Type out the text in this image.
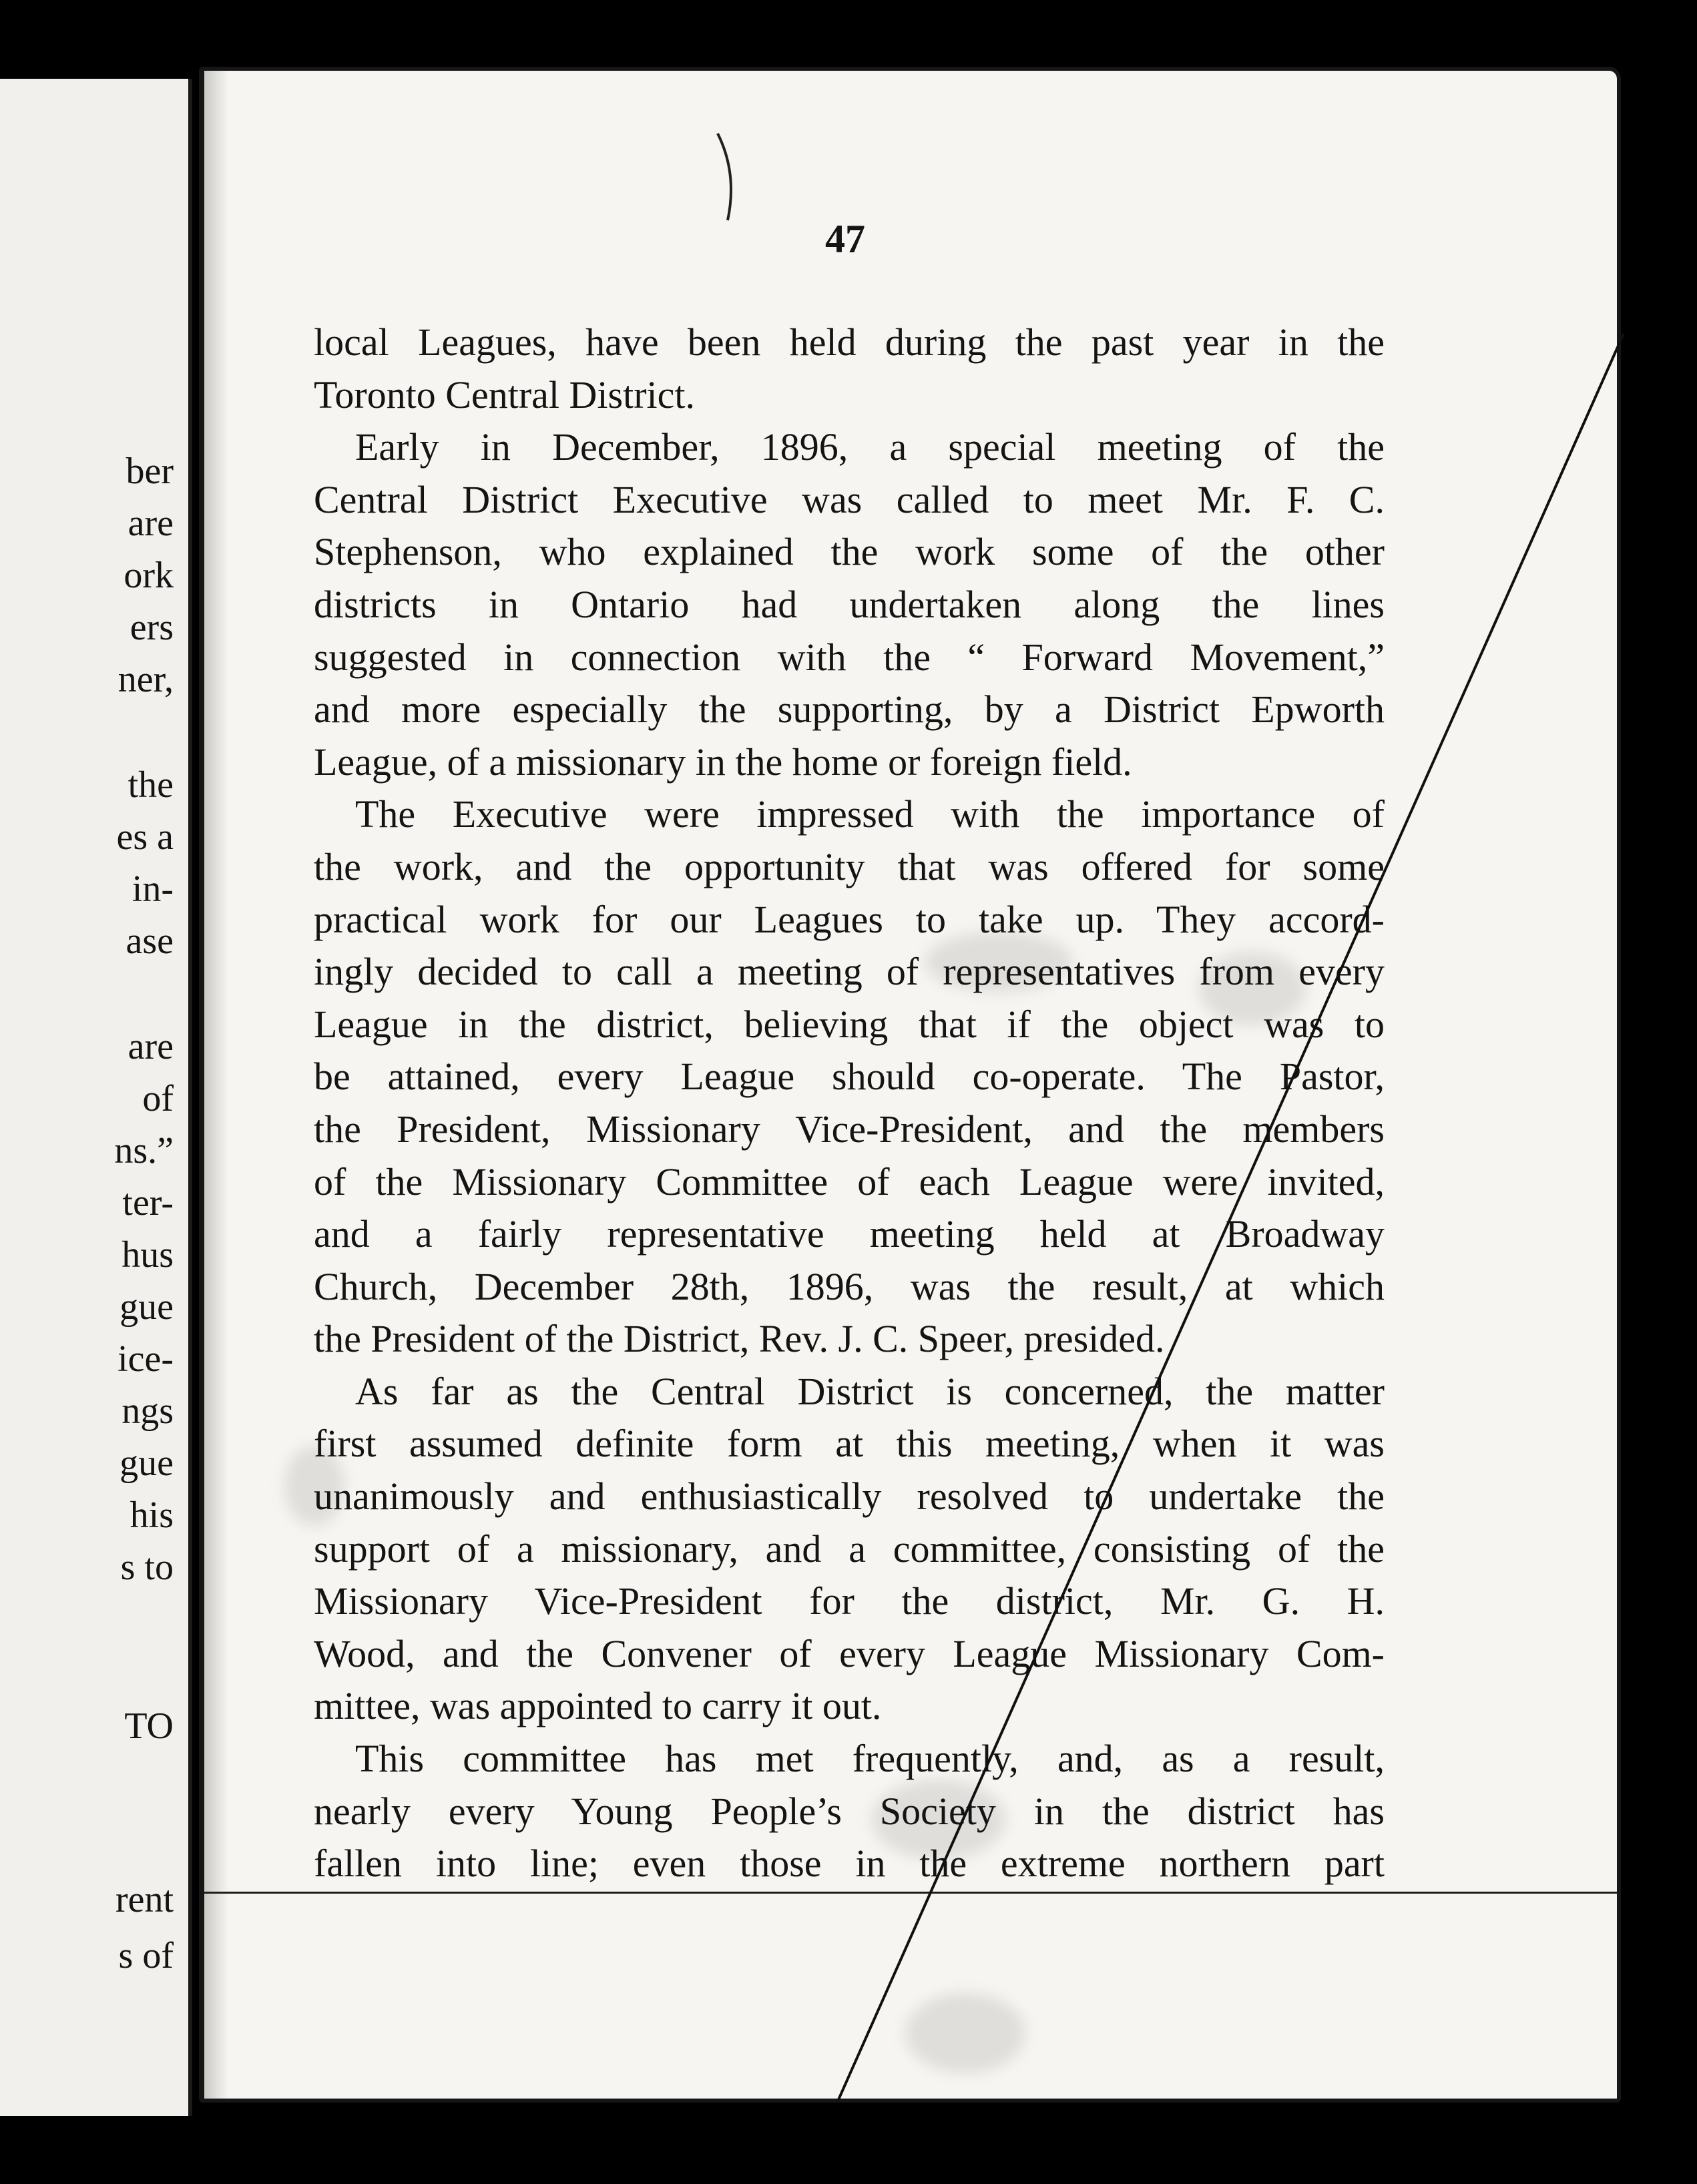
ber
are
ork
ers
ner,
the
es a
in-
ase
are
of
ns.”
ter-
hus
gue
ice-
ngs
gue
his
s to
TO
rent
s of
47
local Leagues, have been held during the past year in the
Toronto Central District.
Early in December, 1896, a special meeting of the
Central District Executive was called to meet Mr. F. C.
Stephenson, who explained the work some of the other
districts in Ontario had undertaken along the lines
suggested in connection with the “ Forward Movement,”
and more especially the supporting, by a District Epworth
League, of a missionary in the home or foreign field.
The Executive were impressed with the importance of
the work, and the opportunity that was offered for some
practical work for our Leagues to take up. They accord-
ingly decided to call a meeting of representatives from every
League in the district, believing that if the object was to
be attained, every League should co-operate. The Pastor,
the President, Missionary Vice-President, and the members
of the Missionary Committee of each League were invited,
and a fairly representative meeting held at Broadway
Church, December 28th, 1896, was the result, at which
the President of the District, Rev. J. C. Speer, presided.
As far as the Central District is concerned, the matter
first assumed definite form at this meeting, when it was
unanimously and enthusiastically resolved to undertake the
support of a missionary, and a committee, consisting of the
Missionary Vice-President for the district, Mr. G. H.
Wood, and the Convener of every League Missionary Com-
mittee, was appointed to carry it out.
This committee has met frequently, and, as a result,
nearly every Young People’s Society in the district has
fallen into line; even those in the extreme northern part
